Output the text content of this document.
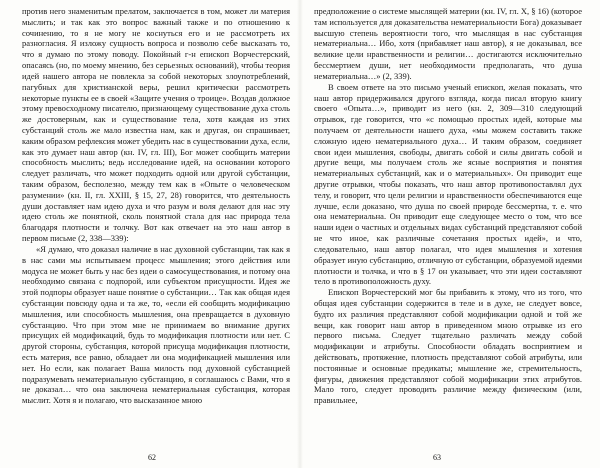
против него знаменитым прелатом, заключается в том, может ли материя мыслить; и так как это вопрос важный также и по отношению к сочинению, то я не могу не коснуться его и не рассмотреть их разногласия. Я изложу сущность вопроса и позволю себе высказать то, что я думаю по этому поводу. Покойный г-н епископ Ворчестерский, опасаясь (но, по моему мнению, без серьезных оснований), чтобы теория идей нашего автора не повлекла за собой некоторых злоупотреблений, пагубных для христианской веры, решил критически рассмотреть некоторые пункты ее в своей «Защите учения о троице». Воздав должное этому превосходному писателю, признающему существование духа столь же достоверным, как и существование тела, хотя каждая из этих субстанций столь же мало известна нам, как и другая, он спрашивает, каким образом рефлексия может убедить нас в существовании духа, если, как это думает наш автор (кн. IV, гл. III), Бог может сообщить материи способность мыслить; ведь исследование идей, на основании которого следует различать, что может подходить одной или другой субстанции, таким образом, бесполезно, между тем как в «Опыте о человеческом разумении» (кн. II, гл. XXIII, § 15, 27, 28) говорится, что деятельность души доставляет нам идею духа и что разум и воля делают для нас эту идею столь же понятной, сколь понятной стала для нас природа тела благодаря плотности и толчку. Вот как отвечает на это наш автор в первом письме (2, 338—339):

«Я думаю, что доказал наличие в нас духовной субстанции, так как я в нас сами мы испытываем процесс мышления; этого действия или модуса не может быть у нас без идеи о самосуществования, и потому она необходимо связана с подпорой, или субъектом присущности. Идея же этой подпоры образует наше понятие о субстанции… Так как общая идея субстанции повсюду одна и та же, то, «если ей сообщить модификацию мышления, или способность мышления, она превращается в духовную субстанцию. Что при этом мне не принимаем во внимание других присущих ей модификаций, будь то модификация плотности или нет. С другой стороны, субстанция, которой присуща модификация плотности, есть материя, все равно, обладает ли она модификацией мышления или нет. Но если, как полагает Ваша милость под духовной субстанцией подразумевать нематериальную субстанцию, я соглашаюсь с Вами, что я не доказал… что она заключена нематериальная субстанция, которая мыслит. Хотя я и полагаю, что высказанное мною

предположение о системе мыслящей материи (кн. IV, гл. X, § 16) (которое там используется для доказательства нематериальности Бога) доказывает высшую степень вероятности того, что мыслящая в нас субстанция нематериальна… Ибо, хотя (прибавляет наш автор), я не доказывал, все великие цели нравственности и религии… достигаются исключительно бессмертием души, нет необходимости предполагать, что душа нематериальна…» (2, 339).

В своем ответе на это письмо ученый епископ, желая показать, что наш автор придерживался другого взгляда, когда писал вторую книгу своего «Опыта…», приводит из него (кн. 2, 309—310 следующий отрывок, где говорится, что «с помощью простых идей, которые мы получаем от деятельности нашего духа, «мы можем составить также сложную идею нематериального духа… И таким образом, соединяет свои идеи мышления, свободы, двигать собой и силы двигать собой и другие вещи, мы получаем столь же ясные восприятия и понятия нематериальных субстанций, как и о материальных». Он приводит еще другие отрывки, чтобы показать, что наш автор противопоставлял дух телу, и говорит, что цели религии и нравственности обеспечиваются еще лучше, если доказано, что душа по своей природе бессмертна, т. е. что она нематериальна. Он приводит еще следующее место о том, что все наши идеи о частных и отдельных видах субстанций представляют собой не что иное, как различные сочетания простых идей», и что, следовательно, наш автор полагал, что идея мышления и хотения образует иную субстанцию, отличную от субстанции, образуемой идеями плотности и толчка, и что в § 17 он указывает, что эти идеи составляют тело в противоположность духу.

Епископ Ворчестерский мог бы прибавить к этому, что из того, что общая идея субстанции содержится в теле и в духе, не следует вовсе, будто их различия представляют собой модификации одной и той же вещи, как говорит наш автор в приведенном мною отрывке из его первого письма. Следует тщательно различать между собой модификации и атрибуты. Способности обладать восприятием и действовать, протяжение, плотность представляют собой атрибуты, или постоянные и основные предикаты; мышление же, стремительность, фигуры, движения представляют собой модификации этих атрибутов. Мало того, следует проводить различие между физическим (или, правильнее,

62	63
